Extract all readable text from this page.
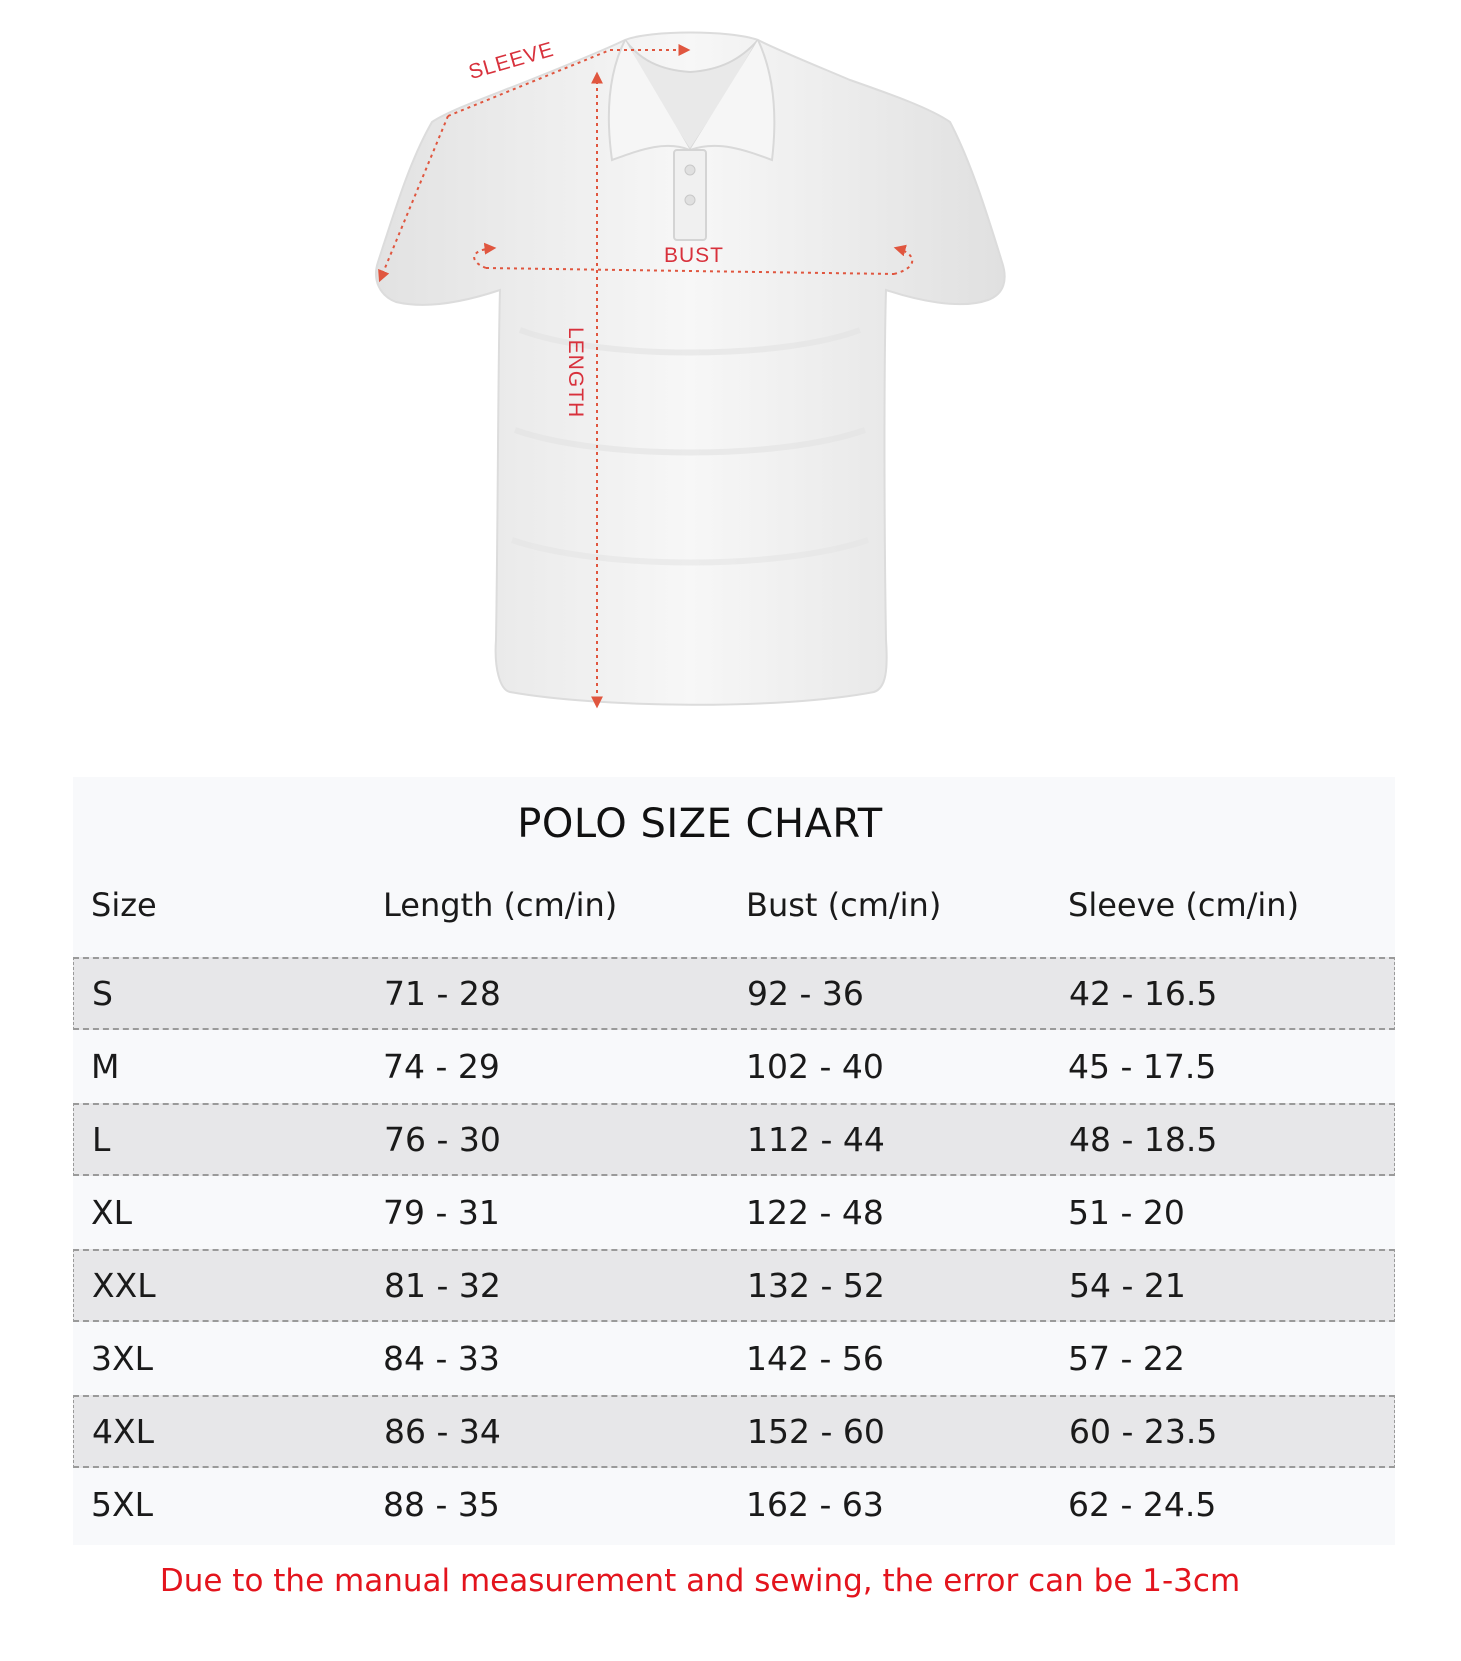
SLEEVE
BUST
LENGTH
POLO SIZE CHART
Size	Length (cm/in)	Bust (cm/in)	Sleeve (cm/in)
S	71 - 28	92 - 36	42 - 16.5
M	74 - 29	102 - 40	45 - 17.5
L	76 - 30	112 - 44	48 - 18.5
XL	79 - 31	122 - 48	51 - 20
XXL	81 - 32	132 - 52	54 - 21
3XL	84 - 33	142 - 56	57 - 22
4XL	86 - 34	152 - 60	60 - 23.5
5XL	88 - 35	162 - 63	62 - 24.5
Due to the manual measurement and sewing, the error can be 1-3cm
